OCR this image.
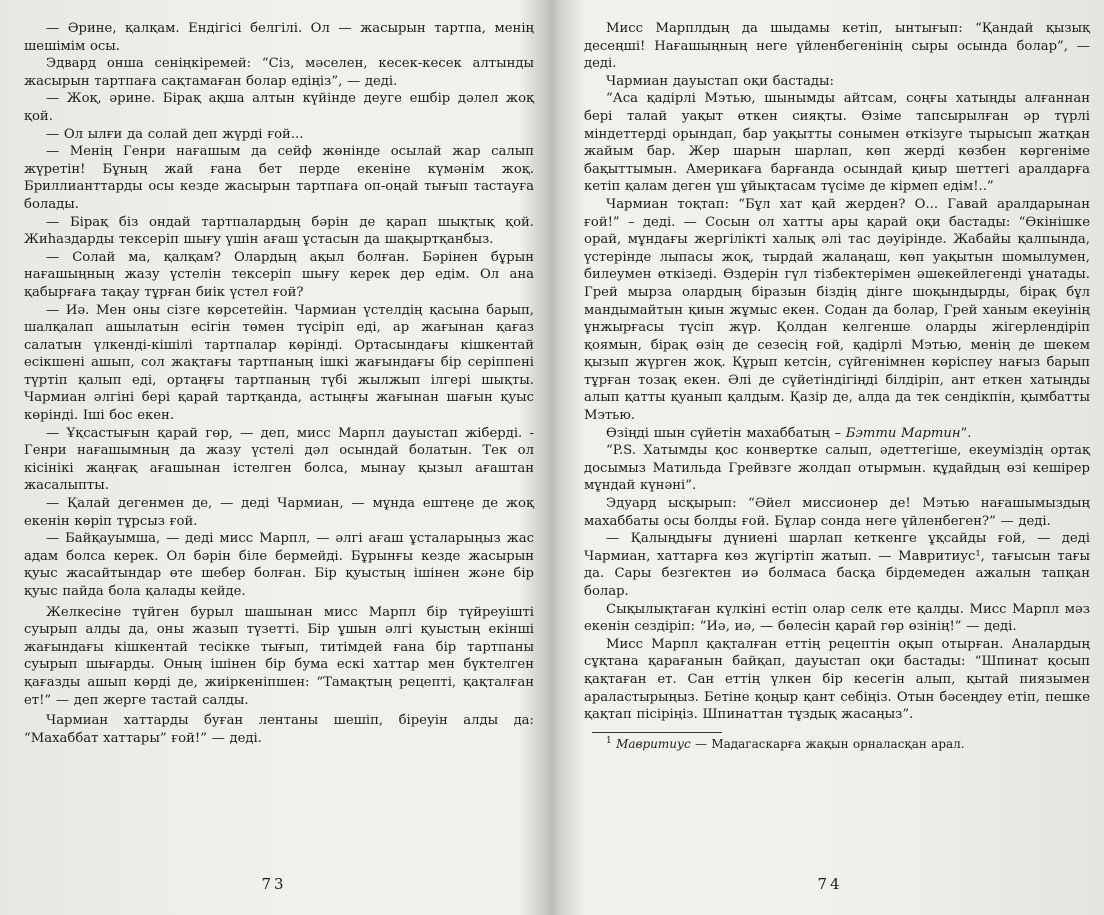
— Әрине, қалқам. Ендігісі белгілі. Ол — жасырын тартпа, менің шешімім осы.

Эдвард онша сеніңкіремей: “Сіз, мәселен, кесек-кесек алтынды жасырын тартпаға сақтамаған болар едіңіз”, — деді.

— Жоқ, әрине. Бірақ ақша алтын күйінде деуге ешбір дәлел жоқ қой.

— Ол ылғи да солай деп жүрді ғой...

— Менің Генри нағашым да сейф жөнінде осылай жар салып жүретін! Бұның жай ғана бет перде екеніне күмәнім жоқ. Бриллианттарды осы кезде жасырын тартпаға оп-оңай тығып тастауға болады.

— Бірақ біз ондай тартпалардың бәрін де қарап шықтық қой. Жиһаздарды тексеріп шығу үшін ағаш ұстасын да шақыртқанбыз.

— Солай ма, қалқам? Олардың ақыл болған. Бәрінен бұрын нағашыңның жазу үстелін тексеріп шығу керек дер едім. Ол ана қабырғаға тақау тұрған биік үстел ғой?

— Иә. Мен оны сізге көрсетейін. Чармиан үстелдің қасына барып, шалқалап ашылатын есігін төмен түсіріп еді, ар жағынан қағаз салатын үлкенді-кішілі тартпалар көрінді. Ортасындағы кішкентай есікшені ашып, сол жақтағы тартпаның ішкі жағындағы бір серіппені түртіп қалып еді, ортаңғы тартпаның түбі жылжып ілгері шықты. Чармиан әлгіні бері қарай тартқанда, астыңғы жағынан шағын қуыс көрінді. Іші бос екен.

— Ұқсастығын қарай гөр, — деп, мисс Марпл дауыстап жіберді. - Генри нағашымның да жазу үстелі дәл осындай болатын. Тек ол кісінікі жаңғақ ағашынан істелген болса, мынау қызыл ағаштан жасалыпты.

— Қалай дегенмен де, — деді Чармиан, — мұнда ештеңе де жоқ екенін көріп тұрсыз ғой.

— Байқауымша, — деді мисс Марпл, — әлгі ағаш ұсталарыңыз жас адам болса керек. Ол бәрін біле бермейді. Бұрынғы кезде жасырын қуыс жасайтындар өте шебер болған. Бір қуыстың ішінен және бір қуыс пайда бола қалады кейде.

Желкесіне түйген бурыл шашынан мисс Марпл бір түйреуішті суырып алды да, оны жазып түзетті. Бір ұшын әлгі қуыстың екінші жағындағы кішкентай тесікке тығып, титімдей ғана бір тартпаны суырып шығарды. Оның ішінен бір бума ескі хаттар мен бүктелген қағазды ашып көрді де, жиіркеніпшен: “Тамақтың рецепті, қақталған ет!” — деп жерге тастай салды.

Чармиан хаттарды буған лентаны шешіп, біреуін алды да: “Махаббат хаттары” ғой!” — деді.

73

Мисс Марплдың да шыдамы кетіп, ынтығып: “Қандай қызық десеңші! Нағашыңның неге үйленбегенінің сыры осында болар”, — деді.

Чармиан дауыстап оқи бастады:

“Аса қадірлі Мэтью, шынымды айтсам, соңғы хатыңды алғаннан бері талай уақыт өткен сияқты. Өзіме тапсырылған әр түрлі міндеттерді орындап, бар уақытты сонымен өткізуге тырысып жатқан жайым бар. Жер шарын шарлап, көп жерді көзбен көргеніме бақыттымын. Америкаға барғанда осындай қиыр шеттегі аралдарға кетіп қалам деген үш ұйықтасам түсіме де кірмеп едім!..”

Чармиан тоқтап: “Бұл хат қай жерден? О... Гавай аралдарынан ғой!” – деді. — Сосын ол хатты ары қарай оқи бастады: “Өкінішке орай, мұндағы жергілікті халық әлі тас дәуірінде. Жабайы қалпында, үстерінде лыпасы жоқ, тырдай жалаңаш, көп уақытын шомылумен, билеумен өткізеді. Өздерін гүл тізбектерімен әшекейлегенді ұнатады. Грей мырза олардың біразын біздің дінге шоқындырды, бірақ бұл мандымайтын қиын жұмыс екен. Содан да болар, Грей ханым екеуінің ұнжырғасы түсіп жүр. Қолдан келгенше оларды жігерлендіріп қоямын, бірақ өзің де сезесің ғой, қадірлі Мэтью, менің де шекем қызып жүрген жоқ. Құрып кетсін, сүйгенімнен көріспеу нағыз барып тұрған тозақ екен. Әлі де сүйетіндігіңді білдіріп, ант еткен хатыңды алып қатты қуанып қалдым. Қазір де, алда да тек сендікпін, қымбатты Мэтью.

Өзіңді шын сүйетін махаббатың – Бэтти Мартин”.

“P.S. Хатымды қос конвертке салып, әдеттегіше, екеуміздің ортақ досымыз Матильда Грейвзге жолдап отырмын. құдайдың өзі кешірер мұндай күнәні”.

Эдуард ысқырып: “Әйел миссионер де! Мэтью нағашымыздың махаббаты осы болды ғой. Бұлар сонда неге үйленбеген?” — деді.

— Қалыңдығы дүниені шарлап кеткенге ұқсайды ғой, — деді Чармиан, хаттарға көз жүгіртіп жатып. — Мавритиус¹, тағысын тағы да. Сары безгектен иә болмаса басқа бірдемеден ажалын тапқан болар.

Сықылықтаған күлкіні естіп олар селк ете қалды. Мисс Марпл мәз екенін сездіріп: “Иә, иә, — бөлесін қарай гөр өзінің!” — деді.

Мисс Марпл қақталған еттің рецептін оқып отырған. Аналардың сұқтана қарағанын байқап, дауыстап оқи бастады: “Шпинат қосып қақтаған ет. Сан еттің үлкен бір кесегін алып, қытай пиязымен араластырыңыз. Бетіне қоңыр қант себіңіз. Отын бәсеңдеу етіп, пешке қақтап пісіріңіз. Шпинаттан тұздық жасаңыз”.

$^1$ Мавритиус — Мадагаскарға жақын орналасқан арал.

74
